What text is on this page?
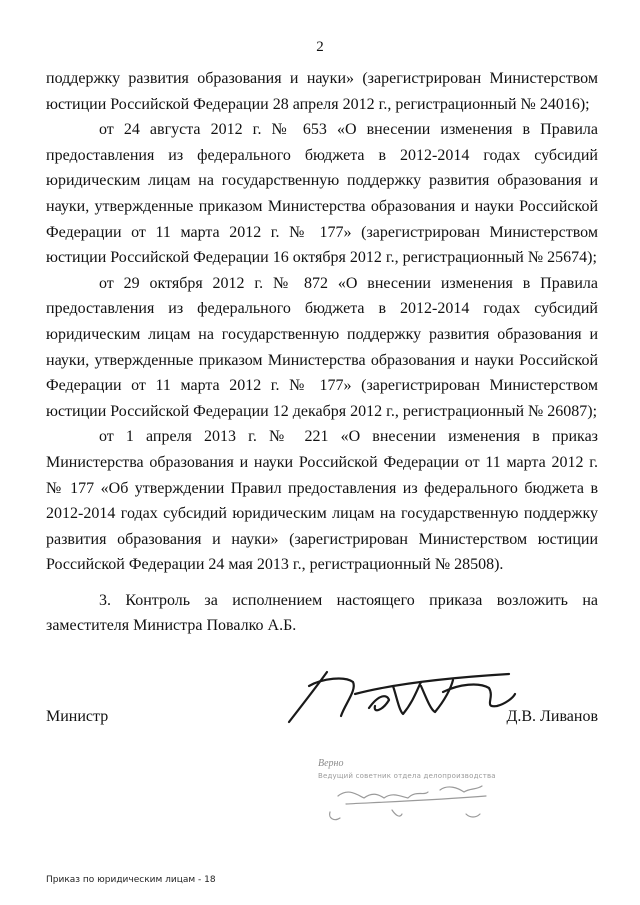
2

поддержку развития образования и науки» (зарегистрирован Министерством юстиции Российской Федерации 28 апреля 2012 г., регистрационный № 24016);

от 24 августа 2012 г. № 653 «О внесении изменения в Правила предоставления из федерального бюджета в 2012-2014 годах субсидий юридическим лицам на государственную поддержку развития образования и науки, утвержденные приказом Министерства образования и науки Российской Федерации от 11 марта 2012 г. № 177» (зарегистрирован Министерством юстиции Российской Федерации 16 октября 2012 г., регистрационный № 25674);

от 29 октября 2012 г. № 872 «О внесении изменения в Правила предоставления из федерального бюджета в 2012-2014 годах субсидий юридическим лицам на государственную поддержку развития образования и науки, утвержденные приказом Министерства образования и науки Российской Федерации от 11 марта 2012 г. № 177» (зарегистрирован Министерством юстиции Российской Федерации 12 декабря 2012 г., регистрационный № 26087);

от 1 апреля 2013 г. № 221 «О внесении изменения в приказ Министерства образования и науки Российской Федерации от 11 марта 2012 г. № 177 «Об утверждении Правил предоставления из федерального бюджета в 2012-2014 годах субсидий юридическим лицам на государственную поддержку развития образования и науки» (зарегистрирован Министерством юстиции Российской Федерации 24 мая 2013 г., регистрационный № 28508).

3. Контроль за исполнением настоящего приказа возложить на заместителя Министра Повалко А.Б.

Министр	Д.В. Ливанов
Верно
Ведущий советник отдела делопроизводства
Приказ по юридическим лицам - 18
